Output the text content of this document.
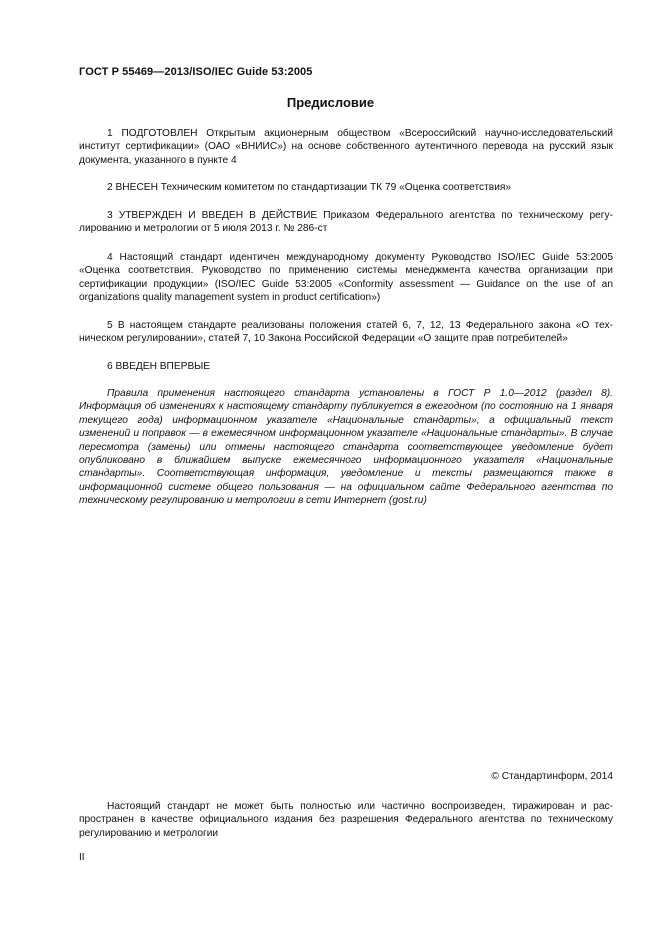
ГОСТ Р 55469—2013/ISO/IEC Guide 53:2005
Предисловие

1 ПОДГОТОВЛЕН Открытым акционерным обществом «Всероссийский научно-исследовательский институт сертификации» (ОАО «ВНИИС») на основе собственного аутентичного перевода на русский язык документа, указанного в пункте 4

2 ВНЕСЕН Техническим комитетом по стандартизации ТК 79 «Оценка соответствия»

3 УТВЕРЖДЕН И ВВЕДЕН В ДЕЙСТВИЕ Приказом Федерального агентства по техническому регулированию и метрологии от 5 июля 2013 г. № 286-ст

4 Настоящий стандарт идентичен международному документу Руководство ISO/IEC Guide 53:2005 «Оценка соответствия. Руководство по применению системы менеджмента качества организации при сертификации продукции» (ISO/IEC Guide 53:2005 «Conformity assessment — Guidance on the use of an organizations quality management system in product certification»)

5 В настоящем стандарте реализованы положения статей 6, 7, 12, 13 Федерального закона «О техническом регулировании», статей 7, 10 Закона Российской Федерации «О защите прав потребителей»

6 ВВЕДЕН ВПЕРВЫЕ

Правила применения настоящего стандарта установлены в ГОСТ Р 1.0—2012 (раздел 8). Информация об изменениях к настоящему стандарту публикуется в ежегодном (по состоянию на 1 января текущего года) информационном указателе «Национальные стандарты», а официальный текст изменений и поправок — в ежемесячном информационном указателе «Национальные стандарты». В случае пересмотра (замены) или отмены настоящего стандарта соответствующее уведомление будет опубликовано в ближайшем выпуске ежемесячного информационного указателя «Национальные стандарты». Соответствующая информация, уведомление и тексты размещаются также в информационной системе общего пользования — на официальном сайте Федерального агентства по техническому регулированию и метрологии в сети Интернет (gost.ru)

© Стандартинформ, 2014

Настоящий стандарт не может быть полностью или частично воспроизведен, тиражирован и распространен в качестве официального издания без разрешения Федерального агентства по техническому регулированию и метрологии

II
